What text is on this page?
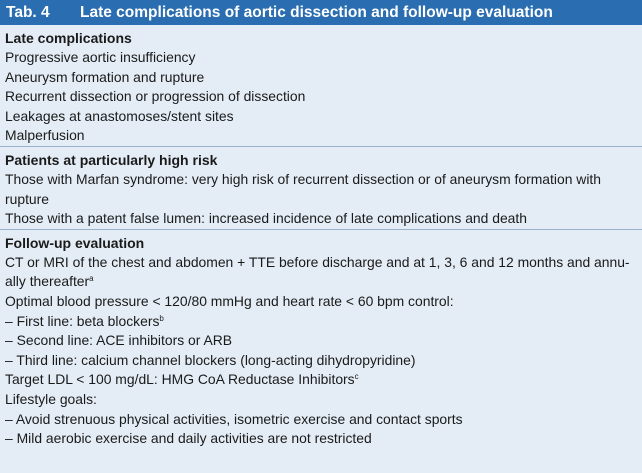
Tab. 4 Late complications of aortic dissection and follow-up evaluation
Late complications
Progressive aortic insufficiency
Aneurysm formation and rupture
Recurrent dissection or progression of dissection
Leakages at anastomoses/stent sites
Malperfusion
Patients at particularly high risk
Those with Marfan syndrome: very high risk of recurrent dissection or of aneurysm formation with
rupture
Those with a patent false lumen: increased incidence of late complications and death
Follow-up evaluation
CT or MRI of the chest and abdomen + TTE before discharge and at 1, 3, 6 and 12 months and annu-
ally thereafter$^a$
Optimal blood pressure < 120/80 mmHg and heart rate < 60 bpm control:
– First line: beta blockers$^b$
– Second line: ACE inhibitors or ARB
– Third line: calcium channel blockers (long-acting dihydropyridine)
Target LDL < 100 mg/dL: HMG CoA Reductase Inhibitors$^c$
Lifestyle goals:
– Avoid strenuous physical activities, isometric exercise and contact sports
– Mild aerobic exercise and daily activities are not restricted
